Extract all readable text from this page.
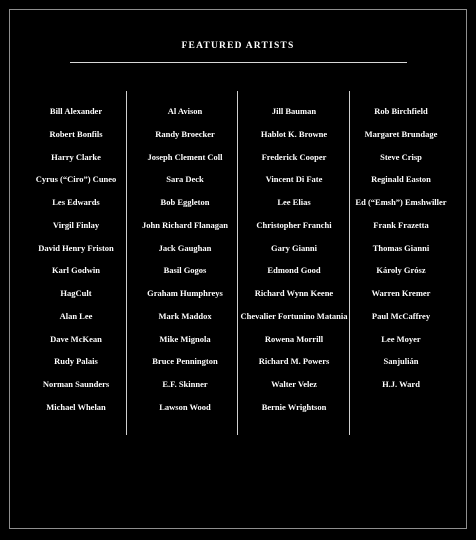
FEATURED ARTISTS
Bill Alexander
Robert Bonfils
Harry Clarke
Cyrus (“Ciro”) Cuneo
Les Edwards
Virgil Finlay
David Henry Friston
Karl Godwin
HagCult
Alan Lee
Dave McKean
Rudy Palais
Norman Saunders
Michael Whelan
Al Avison
Randy Broecker
Joseph Clement Coll
Sara Deck
Bob Eggleton
John Richard Flanagan
Jack Gaughan
Basil Gogos
Graham Humphreys
Mark Maddox
Mike Mignola
Bruce Pennington
E.F. Skinner
Lawson Wood
Jill Bauman
Hablot K. Browne
Frederick Cooper
Vincent Di Fate
Lee Elias
Christopher Franchi
Gary Gianni
Edmond Good
Richard Wynn Keene
Chevalier Fortunino Matania
Rowena Morrill
Richard M. Powers
Walter Velez
Bernie Wrightson
Rob Birchfield
Margaret Brundage
Steve Crisp
Reginald Easton
Ed (“Emsh”) Emshwiller
Frank Frazetta
Thomas Gianni
Károly Grósz
Warren Kremer
Paul McCaffrey
Lee Moyer
Sanjulián
H.J. Ward
